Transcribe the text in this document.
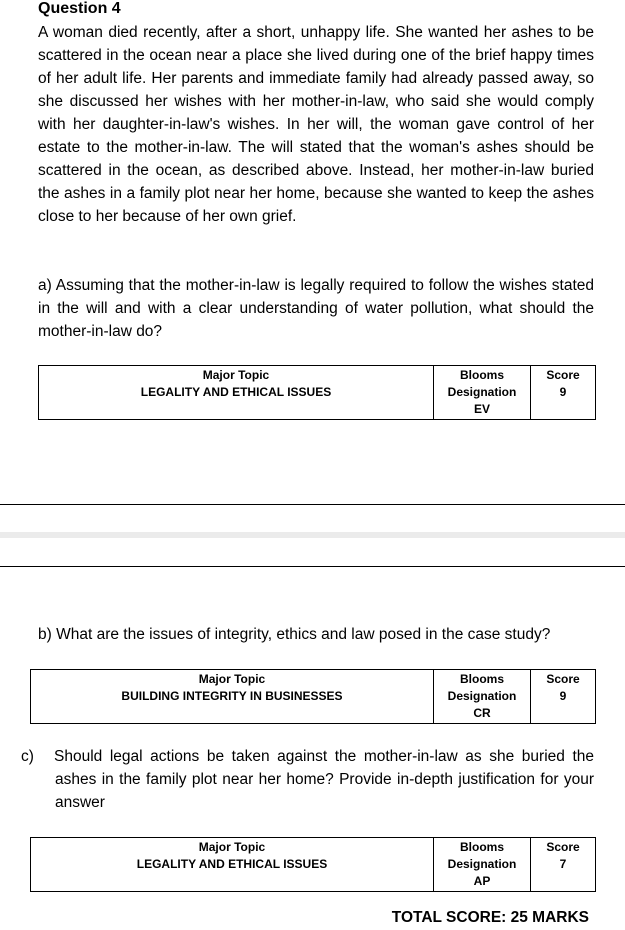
Question 4
A woman died recently, after a short, unhappy life. She wanted her ashes to be scattered in the ocean near a place she lived during one of the brief happy times of her adult life. Her parents and immediate family had already passed away, so she discussed her wishes with her mother-in-law, who said she would comply with her daughter-in-law's wishes. In her will, the woman gave control of her estate to the mother-in-law. The will stated that the woman's ashes should be scattered in the ocean, as described above. Instead, her mother-in-law buried the ashes in a family plot near her home, because she wanted to keep the ashes close to her because of her own grief.
a) Assuming that the mother-in-law is legally required to follow the wishes stated in the will and with a clear understanding of water pollution, what should the mother-in-law do?
Major Topic
LEGALITY AND ETHICAL ISSUES

Blooms
Designation
EV

Score
9
b) What are the issues of integrity, ethics and law posed in the case study?
Major Topic
BUILDING INTEGRITY IN BUSINESSES

Blooms
Designation
CR

Score
9
c) Should legal actions be taken against the mother-in-law as she buried the ashes in the family plot near her home? Provide in-depth justification for your answer
Major Topic
LEGALITY AND ETHICAL ISSUES

Blooms
Designation
AP

Score
7
TOTAL SCORE: 25 MARKS
